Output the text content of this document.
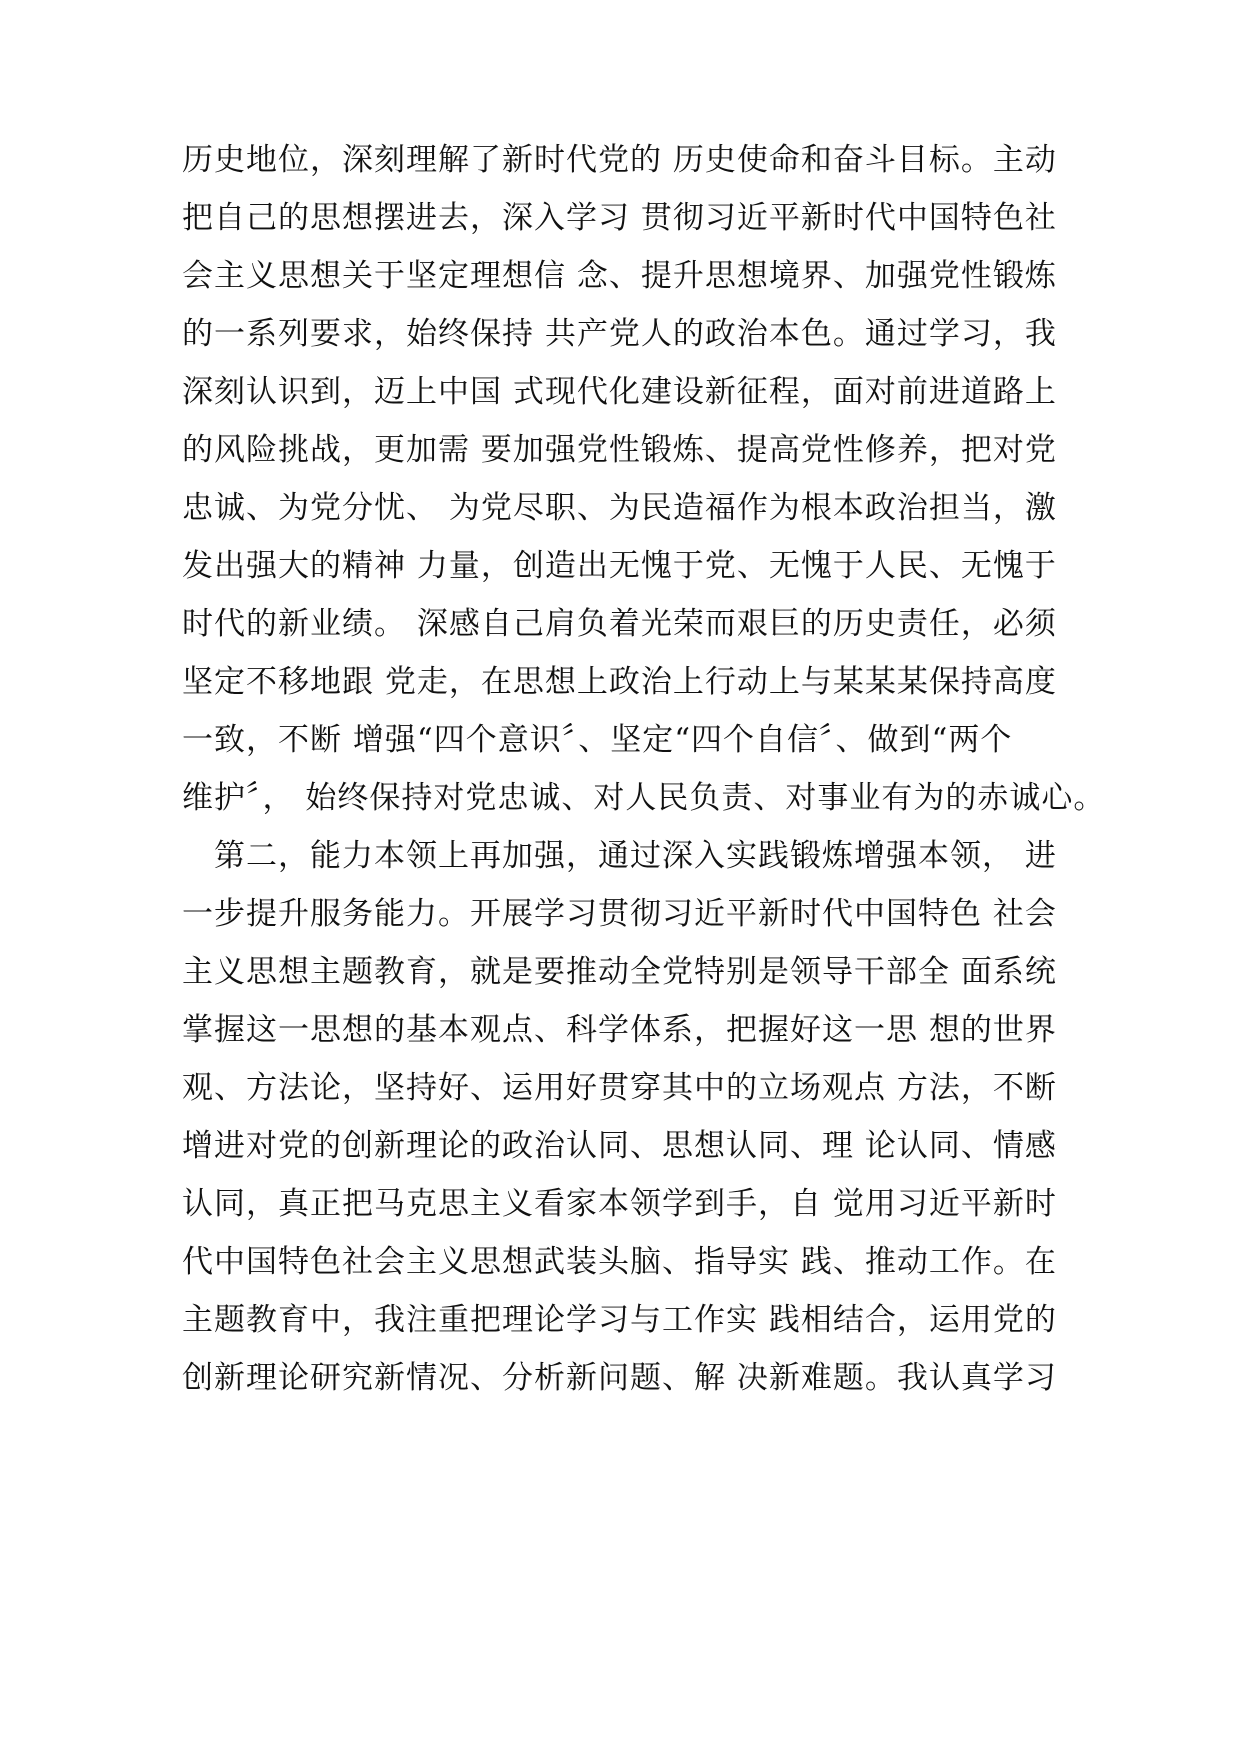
历史地位，深刻理解了新时代党的 历史使命和奋斗目标。主动
把自己的思想摆进去，深入学习 贯彻习近平新时代中国特色社
会主义思想关于坚定理想信 念、提升思想境界、加强党性锻炼
的一系列要求，始终保持 共产党人的政治本色。通过学习，我
深刻认识到，迈上中国 式现代化建设新征程，面对前进道路上
的风险挑战，更加需 要加强党性锻炼、提高党性修养，把对党
忠诚、为党分忧、 为党尽职、为民造福作为根本政治担当，激
发出强大的精神 力量，创造出无愧于党、无愧于人民、无愧于
时代的新业绩。 深感自己肩负着光荣而艰巨的历史责任，必须
坚定不移地跟 党走，在思想上政治上行动上与某某某保持高度
一致，不断 增强“四个意识〞、坚定“四个自信〞、做到“两个
维护〞， 始终保持对党忠诚、对人民负责、对事业有为的赤诚心。
　第二，能力本领上再加强，通过深入实践锻炼增强本领， 进
一步提升服务能力。开展学习贯彻习近平新时代中国特色 社会
主义思想主题教育，就是要推动全党特别是领导干部全 面系统
掌握这一思想的基本观点、科学体系，把握好这一思 想的世界
观、方法论，坚持好、运用好贯穿其中的立场观点 方法，不断
增进对党的创新理论的政治认同、思想认同、理 论认同、情感
认同，真正把马克思主义看家本领学到手，自 觉用习近平新时
代中国特色社会主义思想武装头脑、指导实 践、推动工作。在
主题教育中，我注重把理论学习与工作实 践相结合，运用党的
创新理论研究新情况、分析新问题、解 决新难题。我认真学习
